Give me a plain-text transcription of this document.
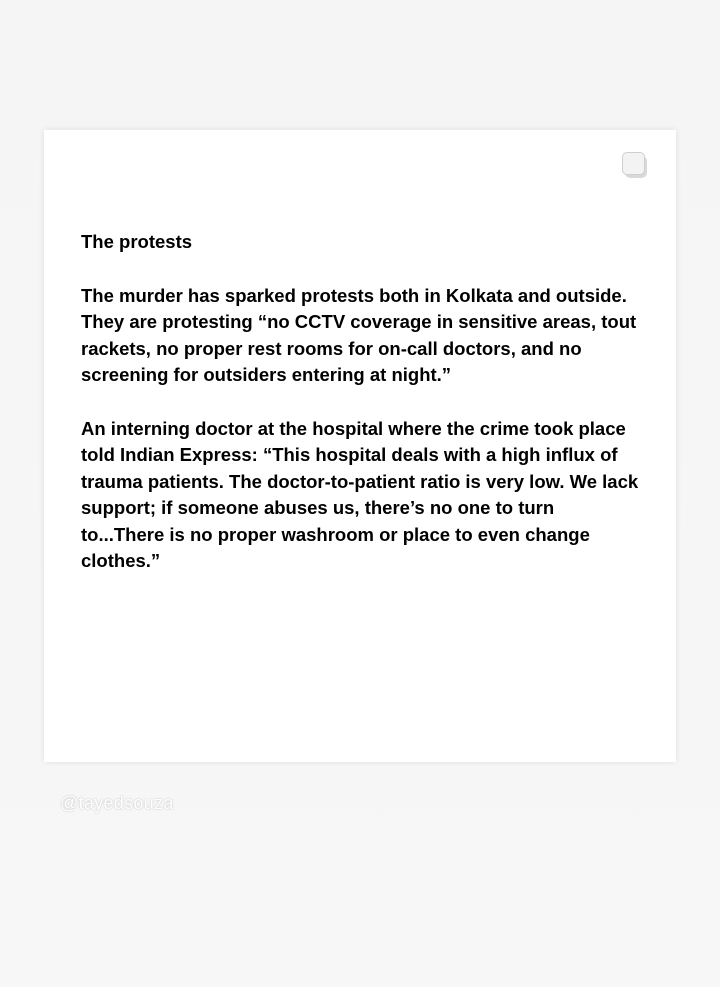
The protests
The murder has sparked protests both in Kolkata and outside. They are protesting “no CCTV coverage in sensitive areas, tout rackets, no proper rest rooms for on-call doctors, and no screening for outsiders entering at night.”
An interning doctor at the hospital where the crime took place told Indian Express: “This hospital deals with a high influx of trauma patients. The doctor-to-patient ratio is very low. We lack support; if someone abuses us, there’s no one to turn to...There is no proper washroom or place to even change clothes.”
@tayedsouza
